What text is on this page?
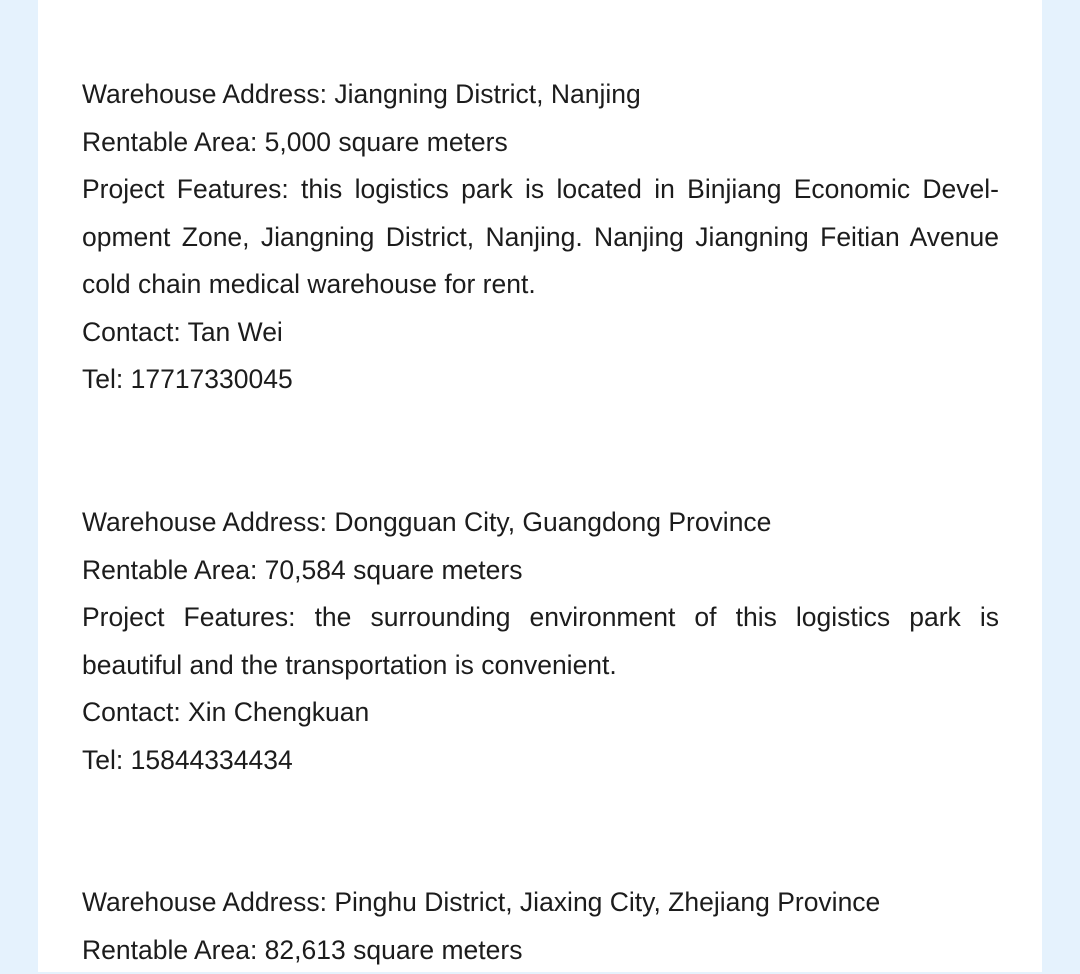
Warehouse Address: Jiangning District, Nanjing

Rentable Area: 5,000 square meters

Project Features: this logistics park is located in Binjiang Economic Development Zone, Jiangning District, Nanjing. Nanjing Jiangning Feitian Avenue cold chain medical warehouse for rent.

Contact: Tan Wei

Tel: 17717330045

Warehouse Address: Dongguan City, Guangdong Province

Rentable Area: 70,584 square meters

Project Features: the surrounding environment of this logistics park is beautiful and the transportation is convenient.

Contact: Xin Chengkuan

Tel: 15844334434

Warehouse Address: Pinghu District, Jiaxing City, Zhejiang Province

Rentable Area: 82,613 square meters
